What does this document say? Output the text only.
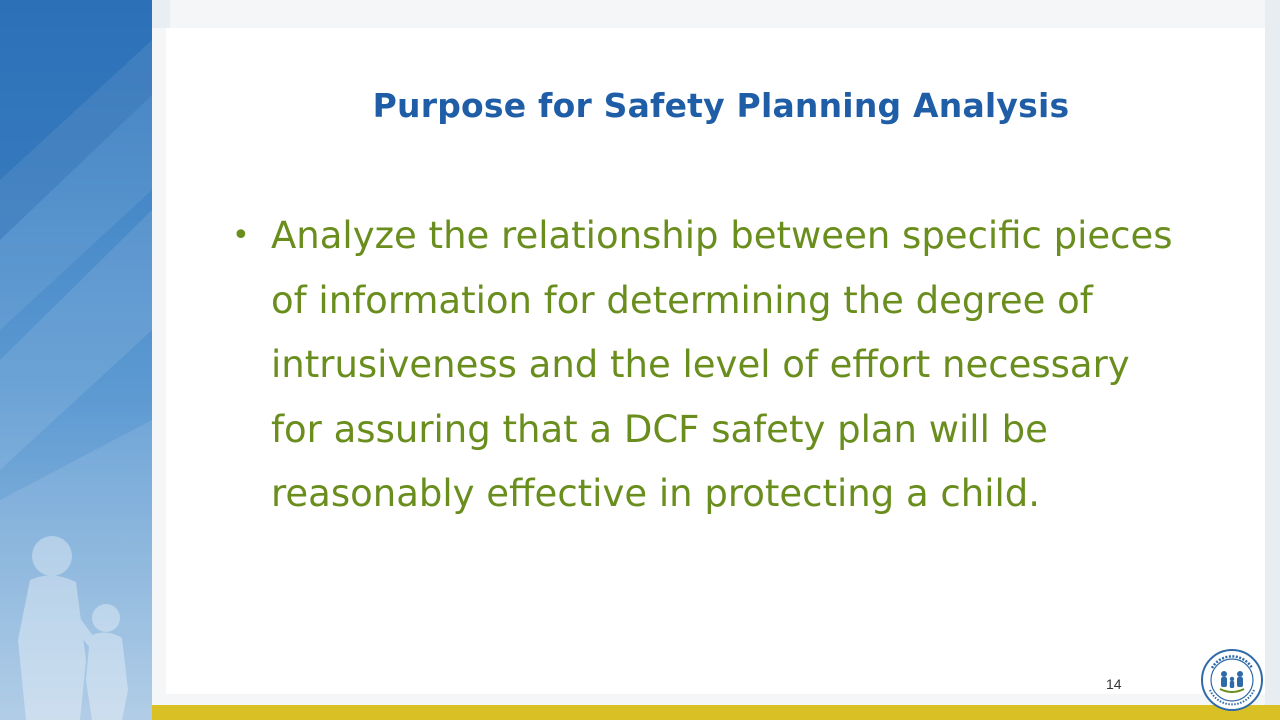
Purpose for Safety Planning Analysis
• Analyze the relationship between specific pieces of information for determining the degree of intrusiveness and the level of effort necessary for assuring that a DCF safety plan will be reasonably effective in protecting a child.
14
